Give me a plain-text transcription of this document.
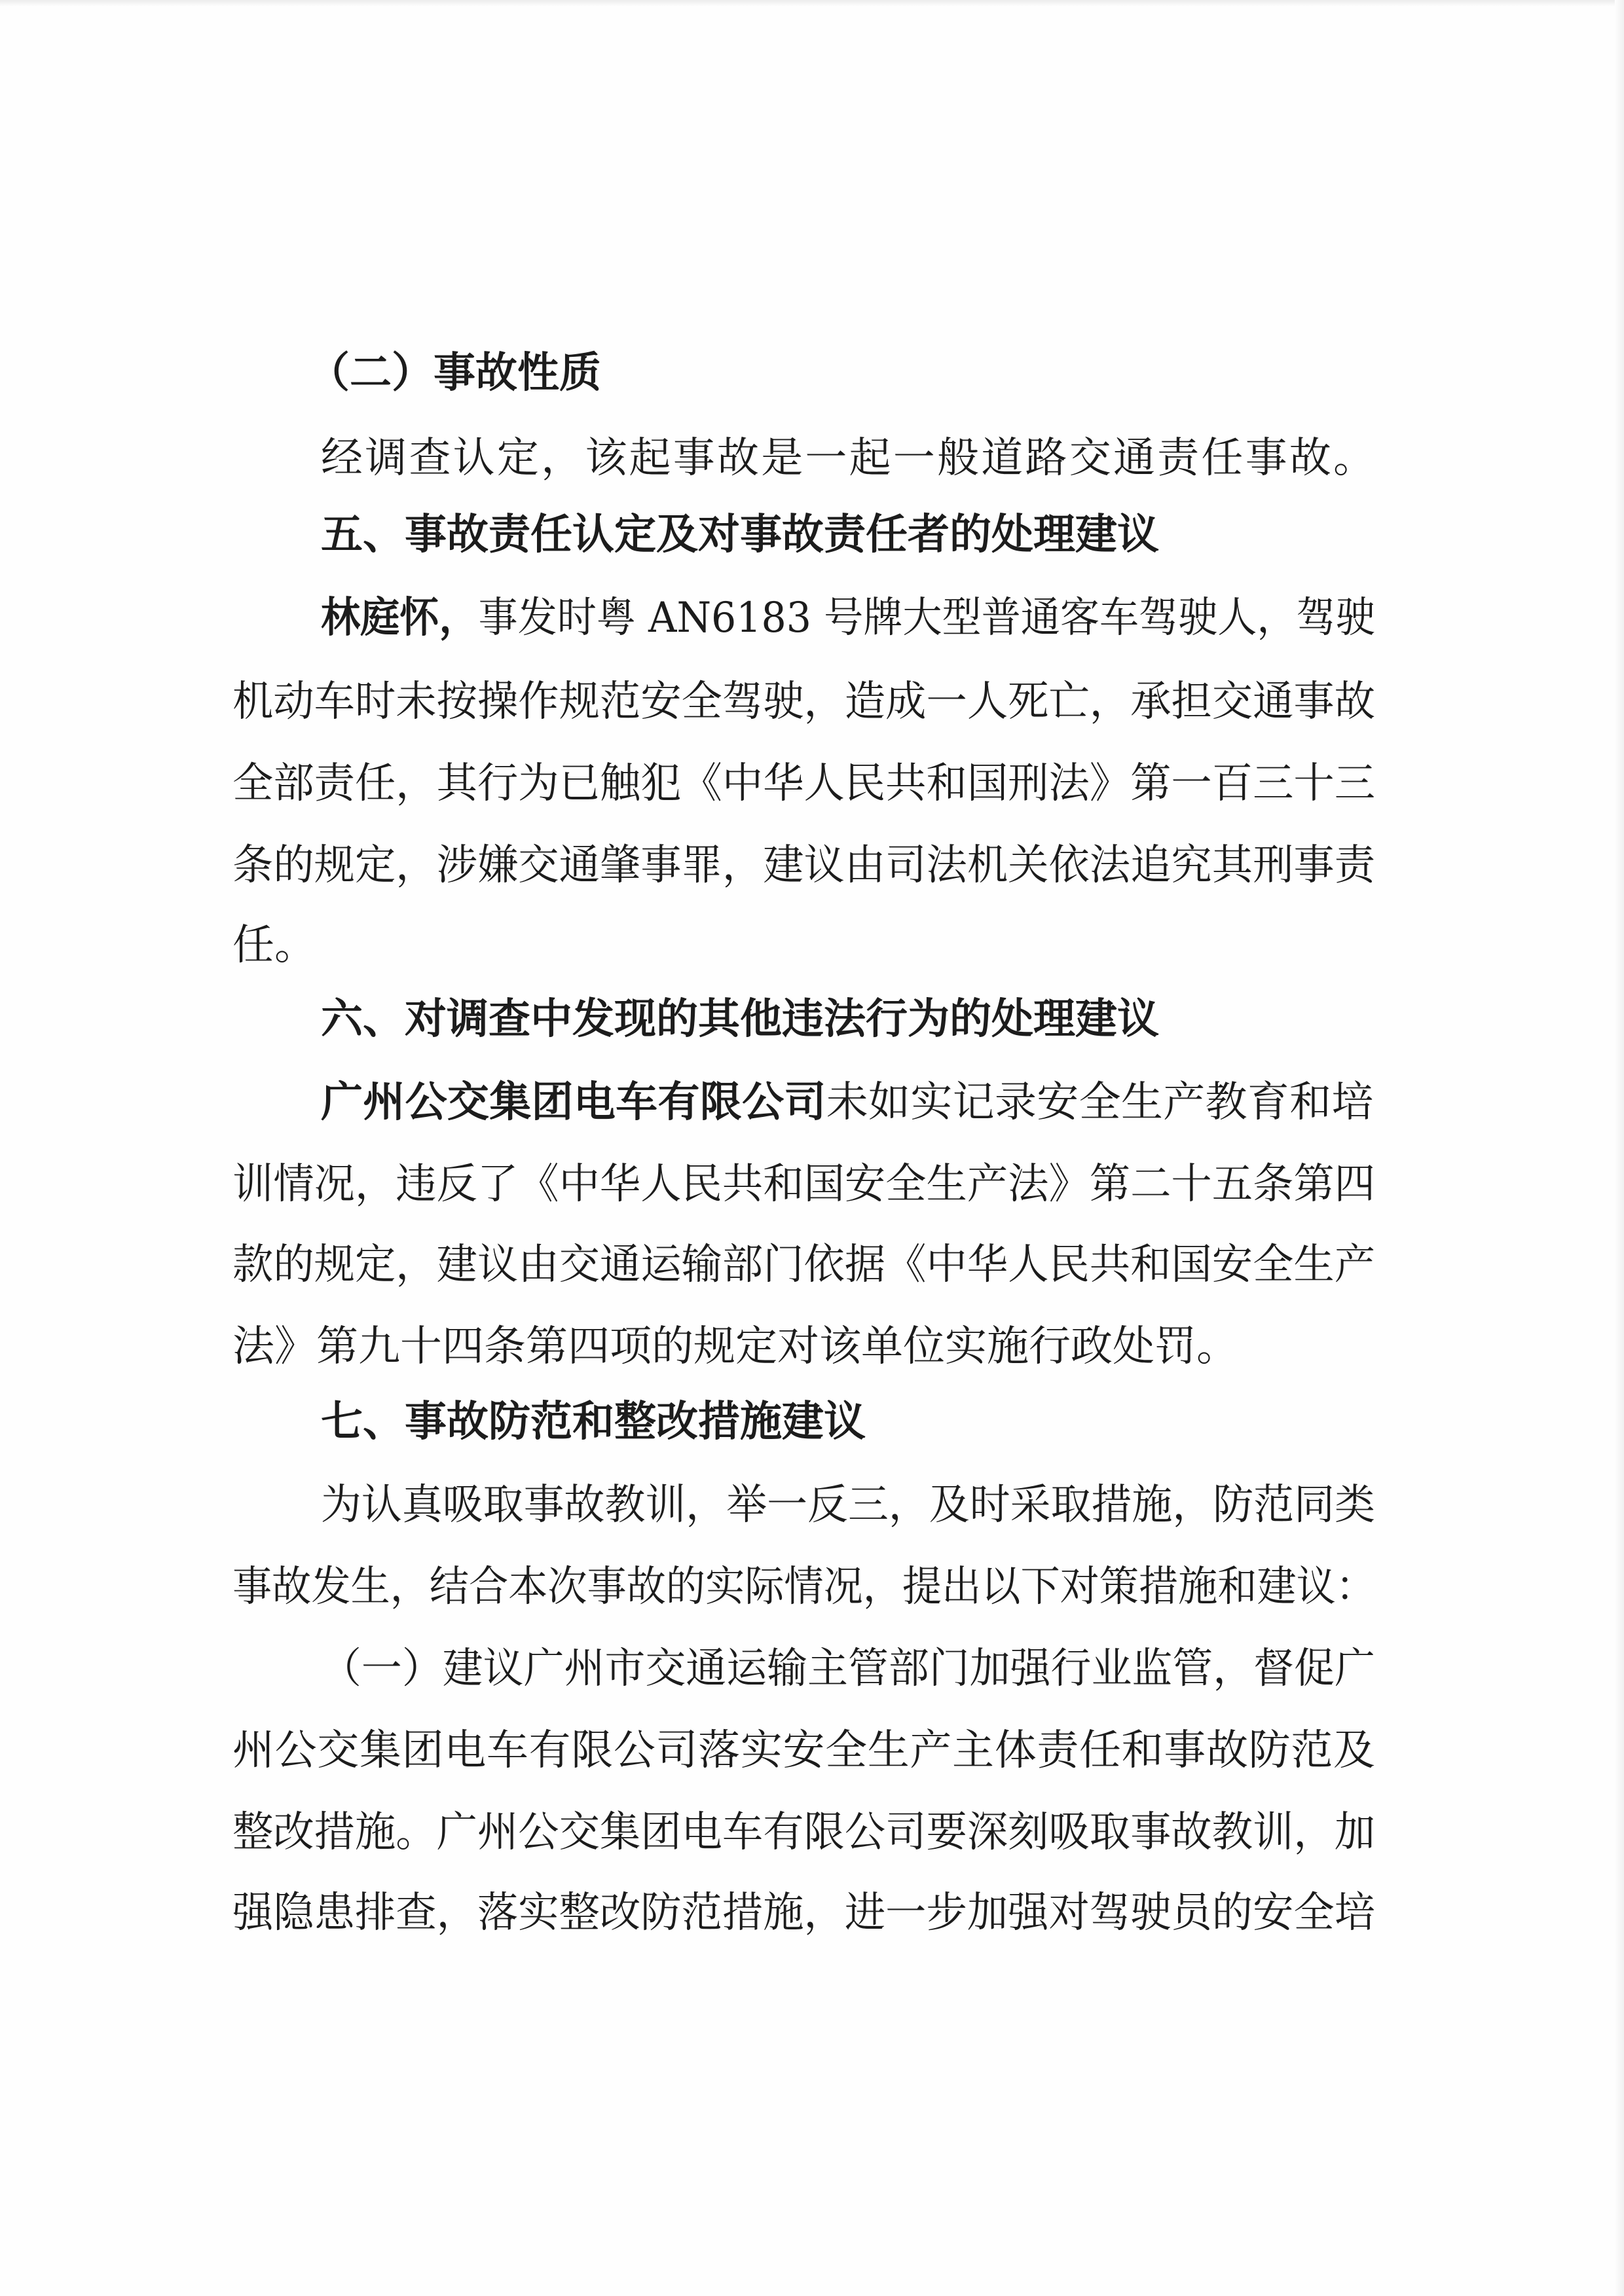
（二）事故性质
经调查认定，该起事故是一起一般道路交通责任事故。
五、事故责任认定及对事故责任者的处理建议
林庭怀，事发时粤 AN6183 号牌大型普通客车驾驶人，驾驶
机动车时未按操作规范安全驾驶，造成一人死亡，承担交通事故
全部责任，其行为已触犯《中华人民共和国刑法》第一百三十三
条的规定，涉嫌交通肇事罪，建议由司法机关依法追究其刑事责
任。
六、对调查中发现的其他违法行为的处理建议
广州公交集团电车有限公司未如实记录安全生产教育和培
训情况，违反了《中华人民共和国安全生产法》第二十五条第四
款的规定，建议由交通运输部门依据《中华人民共和国安全生产
法》第九十四条第四项的规定对该单位实施行政处罚。
七、事故防范和整改措施建议
为认真吸取事故教训，举一反三，及时采取措施，防范同类
事故发生，结合本次事故的实际情况，提出以下对策措施和建议：
（一）建议广州市交通运输主管部门加强行业监管，督促广
州公交集团电车有限公司落实安全生产主体责任和事故防范及
整改措施。广州公交集团电车有限公司要深刻吸取事故教训，加
强隐患排查，落实整改防范措施，进一步加强对驾驶员的安全培
